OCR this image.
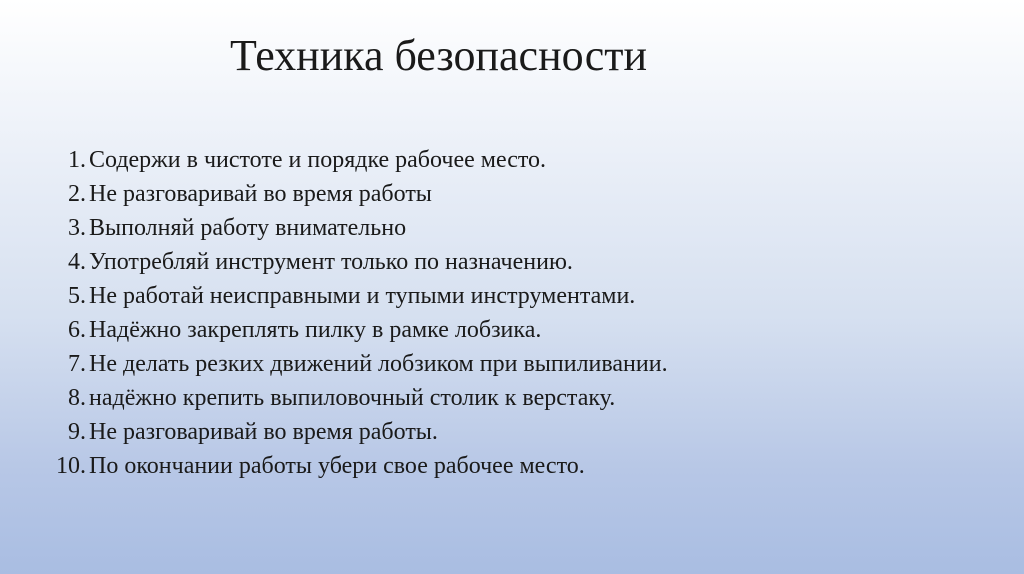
Техника безопасности
1. Содержи в чистоте и порядке рабочее место.
2. Не разговаривай во время работы
3. Выполняй работу внимательно
4. Употребляй инструмент только по назначению.
5. Не работай неисправными и тупыми инструментами.
6. Надёжно закреплять пилку в рамке лобзика.
7. Не делать резких движений лобзиком при выпиливании.
8. надёжно крепить выпиловочный столик к верстаку.
9. Не разговаривай во время работы.
10. По окончании работы убери свое рабочее место.
